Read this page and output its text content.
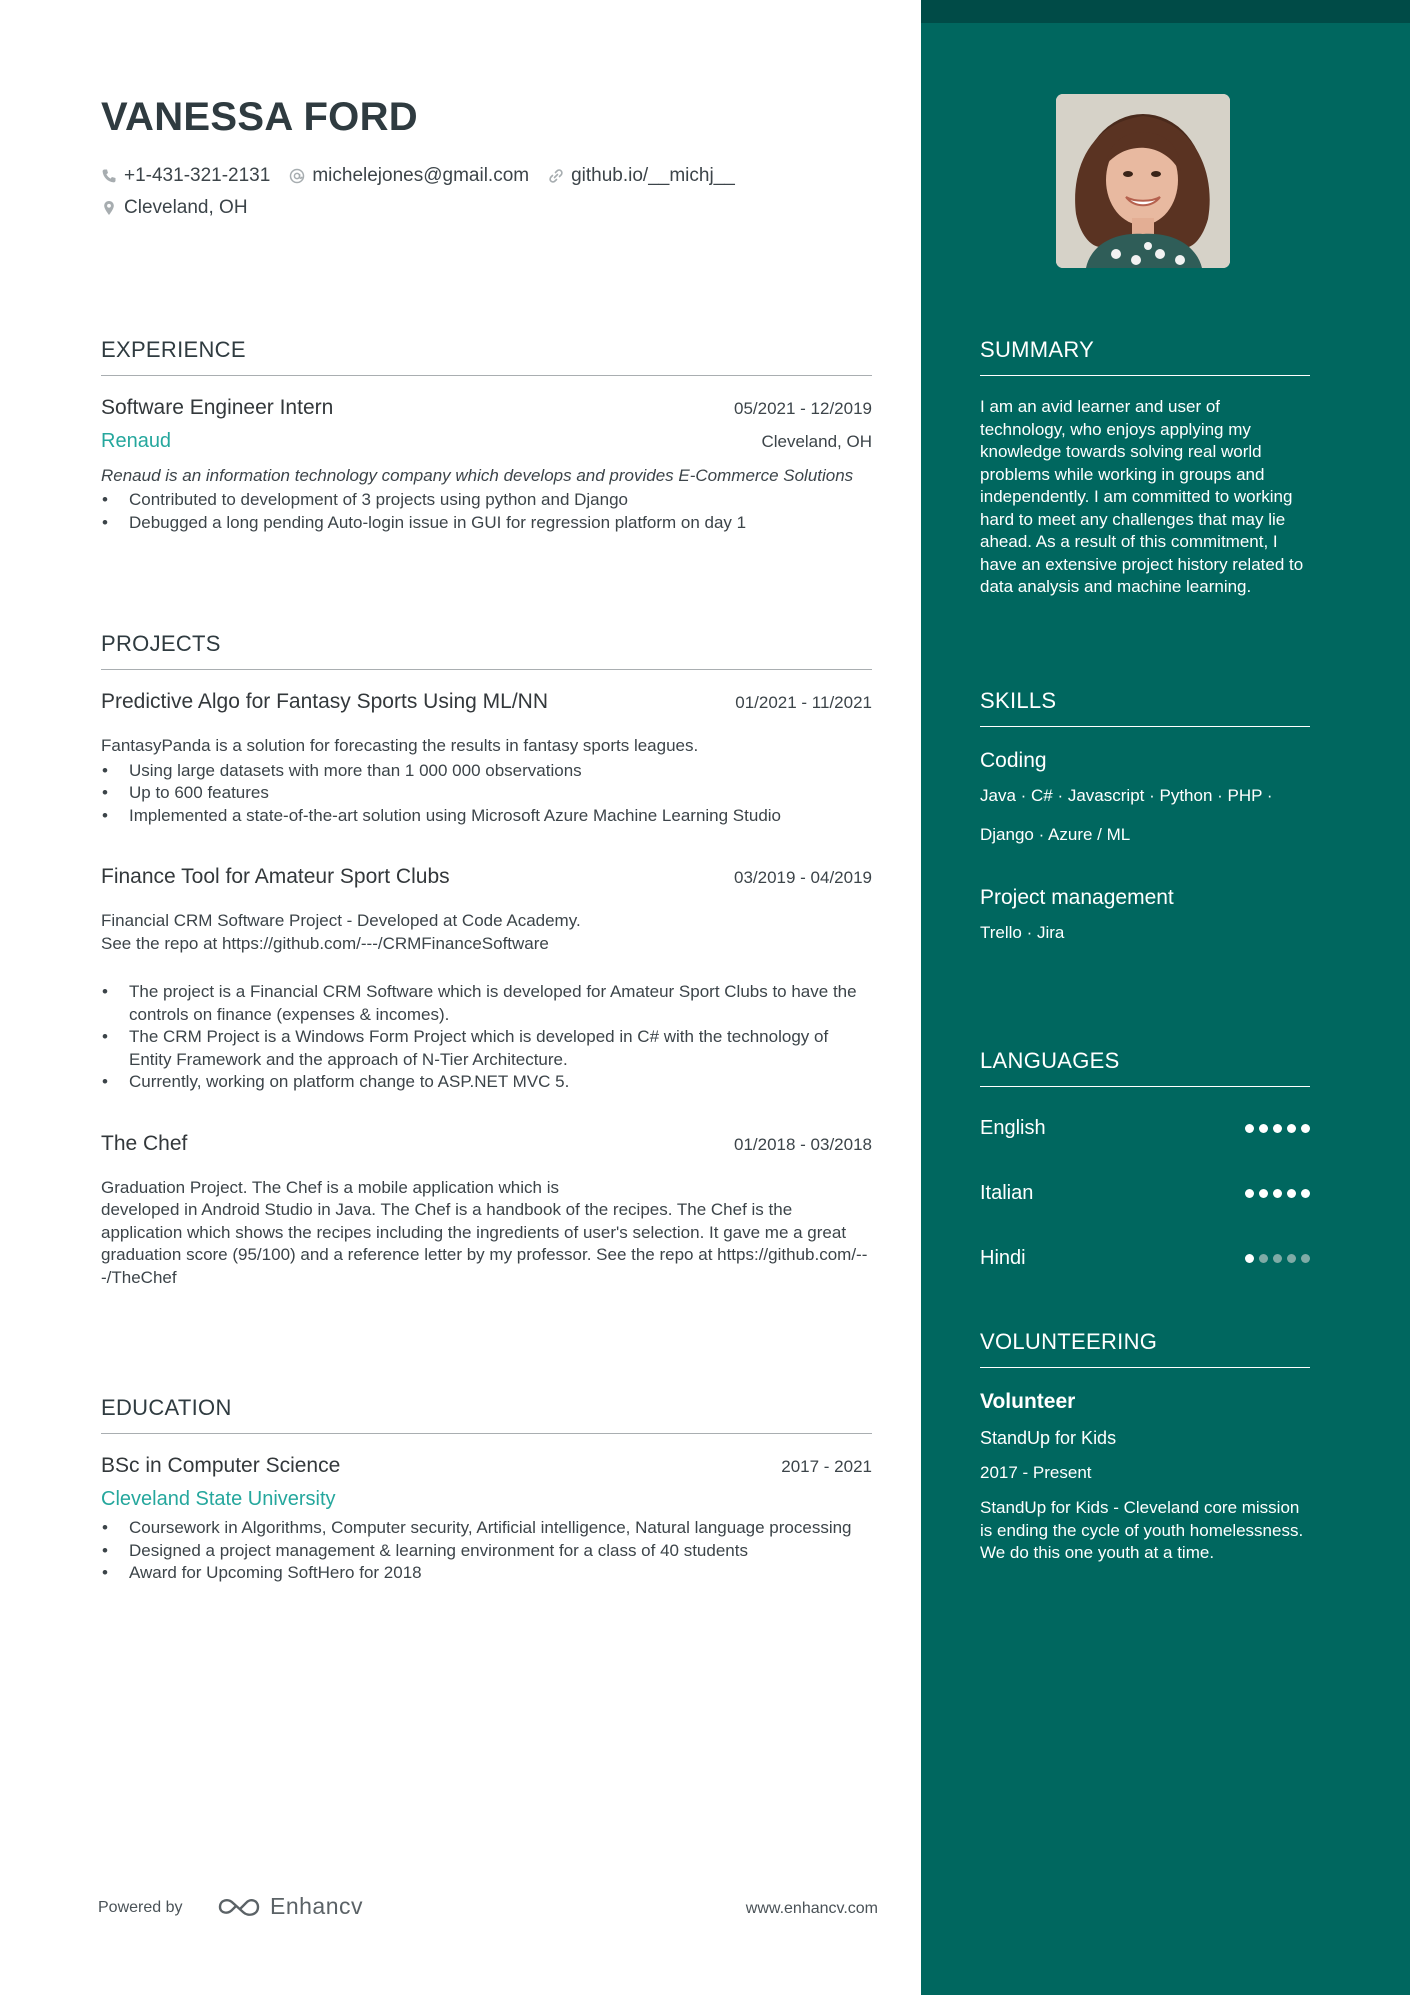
VANESSA FORD
+1-431-321-2131 michelejones@gmail.com github.io/__michj__
Cleveland, OH
EXPERIENCE
Software Engineer Intern	05/2021 - 12/2019
Renaud	Cleveland, OH
Renaud is an information technology company which develops and provides E-Commerce Solutions
• Contributed to development of 3 projects using python and Django
• Debugged a long pending Auto-login issue in GUI for regression platform on day 1
PROJECTS
Predictive Algo for Fantasy Sports Using ML/NN	01/2021 - 11/2021
FantasyPanda is a solution for forecasting the results in fantasy sports leagues.
• Using large datasets with more than 1 000 000 observations
• Up to 600 features
• Implemented a state-of-the-art solution using Microsoft Azure Machine Learning Studio
Finance Tool for Amateur Sport Clubs	03/2019 - 04/2019
Financial CRM Software Project - Developed at Code Academy.
See the repo at https://github.com/---/CRMFinanceSoftware
• The project is a Financial CRM Software which is developed for Amateur Sport Clubs to have the controls on finance (expenses & incomes).
• The CRM Project is a Windows Form Project which is developed in C# with the technology of Entity Framework and the approach of N-Tier Architecture.
• Currently, working on platform change to ASP.NET MVC 5.
The Chef	01/2018 - 03/2018
Graduation Project. The Chef is a mobile application which is
developed in Android Studio in Java. The Chef is a handbook of the recipes. The Chef is the application which shows the recipes including the ingredients of user's selection. It gave me a great graduation score (95/100) and a reference letter by my professor. See the repo at https://github.com/---/TheChef
EDUCATION
BSc in Computer Science	2017 - 2021
Cleveland State University
• Coursework in Algorithms, Computer security, Artificial intelligence, Natural language processing
• Designed a project management & learning environment for a class of 40 students
• Award for Upcoming SoftHero for 2018
SUMMARY
I am an avid learner and user of technology, who enjoys applying my knowledge towards solving real world problems while working in groups and independently. I am committed to working hard to meet any challenges that may lie ahead. As a result of this commitment, I have an extensive project history related to data analysis and machine learning.
SKILLS
Coding
Java · C# · Javascript · Python · PHP ·
Django · Azure / ML
Project management
Trello · Jira
LANGUAGES
English
Italian
Hindi
VOLUNTEERING
Volunteer
StandUp for Kids
2017 - Present
StandUp for Kids - Cleveland core mission is ending the cycle of youth homelessness. We do this one youth at a time.
Powered by	Enhancv	www.enhancv.com
